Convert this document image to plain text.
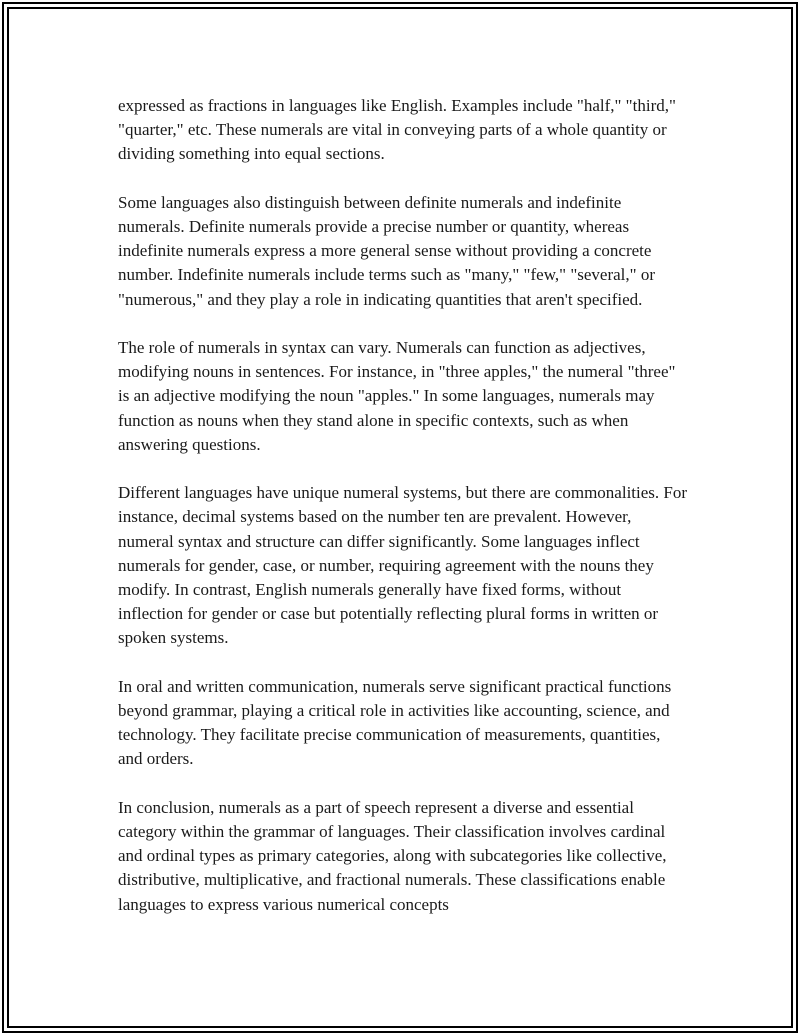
expressed as fractions in languages like English. Examples include "half," "third," "quarter," etc. These numerals are vital in conveying parts of a whole quantity or dividing something into equal sections.

Some languages also distinguish between definite numerals and indefinite numerals. Definite numerals provide a precise number or quantity, whereas indefinite numerals express a more general sense without providing a concrete number. Indefinite numerals include terms such as "many," "few," "several," or "numerous," and they play a role in indicating quantities that aren't specified.

The role of numerals in syntax can vary. Numerals can function as adjectives, modifying nouns in sentences. For instance, in "three apples," the numeral "three" is an adjective modifying the noun "apples." In some languages, numerals may function as nouns when they stand alone in specific contexts, such as when answering questions.

Different languages have unique numeral systems, but there are commonalities. For instance, decimal systems based on the number ten are prevalent. However, numeral syntax and structure can differ significantly. Some languages inflect numerals for gender, case, or number, requiring agreement with the nouns they modify. In contrast, English numerals generally have fixed forms, without inflection for gender or case but potentially reflecting plural forms in written or spoken systems.

In oral and written communication, numerals serve significant practical functions beyond grammar, playing a critical role in activities like accounting, science, and technology. They facilitate precise communication of measurements, quantities, and orders.

In conclusion, numerals as a part of speech represent a diverse and essential category within the grammar of languages. Their classification involves cardinal and ordinal types as primary categories, along with subcategories like collective, distributive, multiplicative, and fractional numerals. These classifications enable languages to express various numerical concepts
